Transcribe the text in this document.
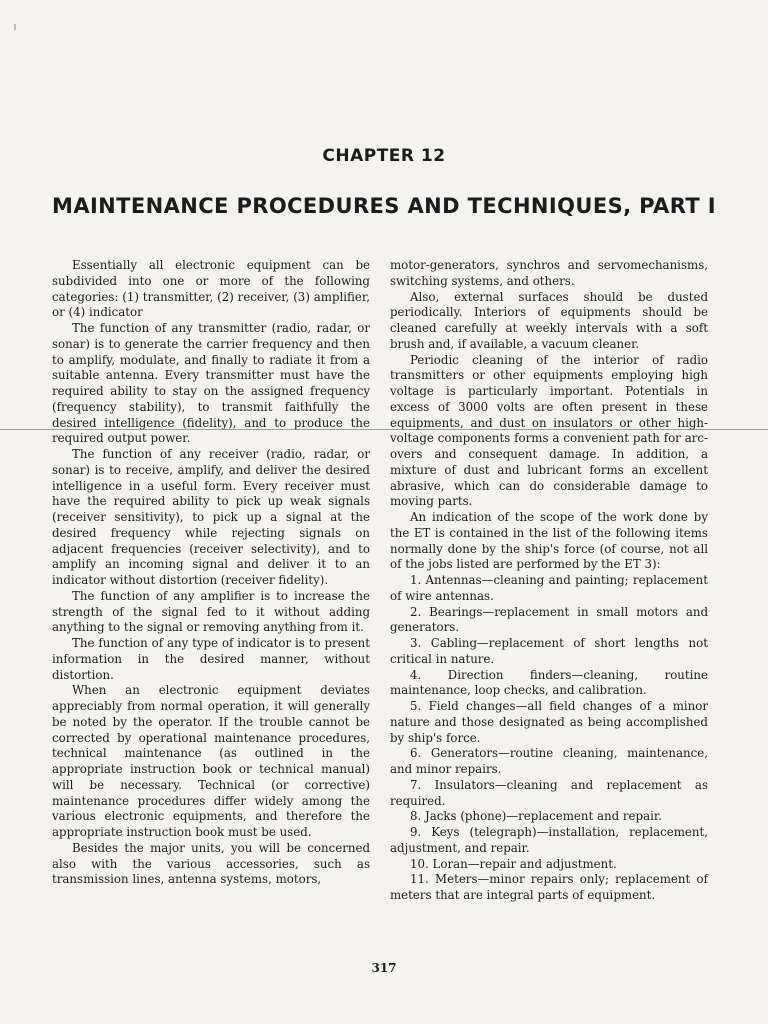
CHAPTER 12
MAINTENANCE PROCEDURES AND TECHNIQUES, PART I

Essentially all electronic equipment can be subdivided into one or more of the following categories: (1) transmitter, (2) receiver, (3) amplifier, or (4) indicator

The function of any transmitter (radio, radar, or sonar) is to generate the carrier frequency and then to amplify, modulate, and finally to radiate it from a suitable antenna. Every transmitter must have the required ability to stay on the assigned frequency (frequency stability), to transmit faithfully the desired intelligence (fidelity), and to produce the required output power.

The function of any receiver (radio, radar, or sonar) is to receive, amplify, and deliver the desired intelligence in a useful form. Every receiver must have the required ability to pick up weak signals (receiver sensitivity), to pick up a signal at the desired frequency while rejecting signals on adjacent frequencies (receiver selectivity), and to amplify an incoming signal and deliver it to an indicator without distortion (receiver fidelity).

The function of any amplifier is to increase the strength of the signal fed to it without adding anything to the signal or removing anything from it.

The function of any type of indicator is to present information in the desired manner, without distortion.

When an electronic equipment deviates appreciably from normal operation, it will generally be noted by the operator. If the trouble cannot be corrected by operational maintenance procedures, technical maintenance (as outlined in the appropriate instruction book or technical manual) will be necessary. Technical (or corrective) maintenance procedures differ widely among the various electronic equipments, and therefore the appropriate instruction book must be used.

Besides the major units, you will be concerned also with the various accessories, such as transmission lines, antenna systems, motors,

motor-generators, synchros and servomechanisms, switching systems, and others.

Also, external surfaces should be dusted periodically. Interiors of equipments should be cleaned carefully at weekly intervals with a soft brush and, if available, a vacuum cleaner.

Periodic cleaning of the interior of radio transmitters or other equipments employing high voltage is particularly important. Potentials in excess of 3000 volts are often present in these equipments, and dust on insulators or other high-voltage components forms a convenient path for arc-overs and consequent damage. In addition, a mixture of dust and lubricant forms an excellent abrasive, which can do considerable damage to moving parts.

An indication of the scope of the work done by the ET is contained in the list of the following items normally done by the ship's force (of course, not all of the jobs listed are performed by the ET 3):

1. Antennas—cleaning and painting; replacement of wire antennas.

2. Bearings—replacement in small motors and generators.

3. Cabling—replacement of short lengths not critical in nature.

4. Direction finders—cleaning, routine maintenance, loop checks, and calibration.

5. Field changes—all field changes of a minor nature and those designated as being accomplished by ship's force.

6. Generators—routine cleaning, maintenance, and minor repairs.

7. Insulators—cleaning and replacement as required.

8. Jacks (phone)—replacement and repair.

9. Keys (telegraph)—installation, replacement, adjustment, and repair.

10. Loran—repair and adjustment.

11. Meters—minor repairs only; replacement of meters that are integral parts of equipment.

317
